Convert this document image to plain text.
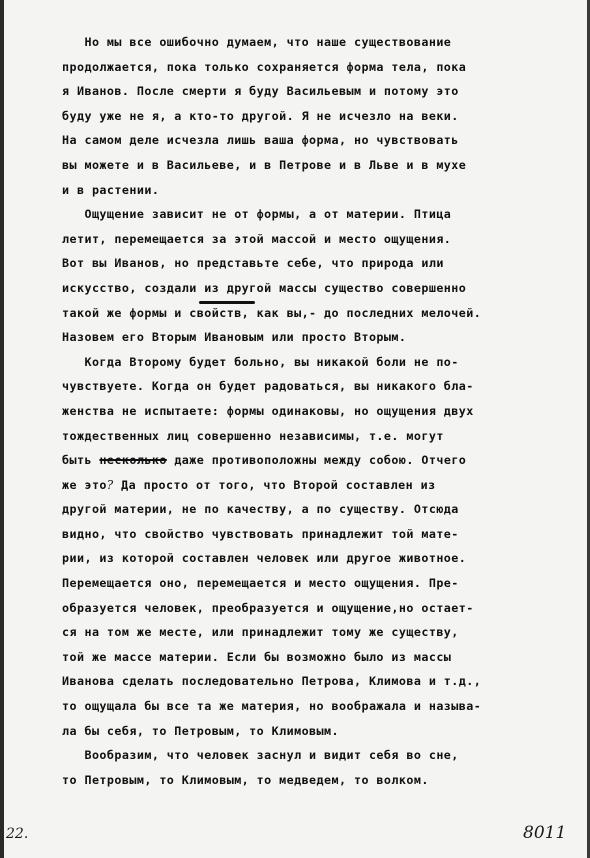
Но мы все ошибочно думаем, что наше существование
продолжается, пока только сохраняется форма тела, пока
я Иванов. После смерти я буду Васильевым и потому это
буду уже не я, а кто-то другой. Я не исчезло на веки.
На самом деле исчезла лишь ваша форма, но чувствовать
вы можете и в Васильеве, и в Петрове и в Льве и в мухе
и в растении.
Ощущение зависит не от формы, а от материи. Птица
летит, перемещается за этой массой и место ощущения.
Вот вы Иванов, но представьте себе, что природа или
искусство, создали из другой массы существо совершенно
такой же формы и свойств, как вы,- до последних мелочей.
Назовем его Вторым Ивановым или просто Вторым.
Когда Второму будет больно, вы никакой боли не по-
чувствуете. Когда он будет радоваться, вы никакого бла-
женства не испытаете: формы одинаковы, но ощущения двух
тождественных лиц совершенно независимы, т.е. могут
быть несколько даже противоположны между собою. Отчего
же это? Да просто от того, что Второй составлен из
другой материи, не по качеству, а по существу. Отсюда
видно, что свойство чувствовать принадлежит той мате-
рии, из которой составлен человек или другое животное.
Перемещается оно, перемещается и место ощущения. Пре-
образуется человек, преобразуется и ощущение,но остает-
ся на том же месте, или принадлежит тому же существу,
той же массе материи. Если бы возможно было из массы
Иванова сделать последовательно Петрова, Климова и т.д.,
то ощущала бы все та же материя, но воображала и называ-
ла бы себя, то Петровым, то Климовым.
Вообразим, что человек заснул и видит себя во сне,
то Петровым, то Климовым, то медведем, то волком.
22.	8011
